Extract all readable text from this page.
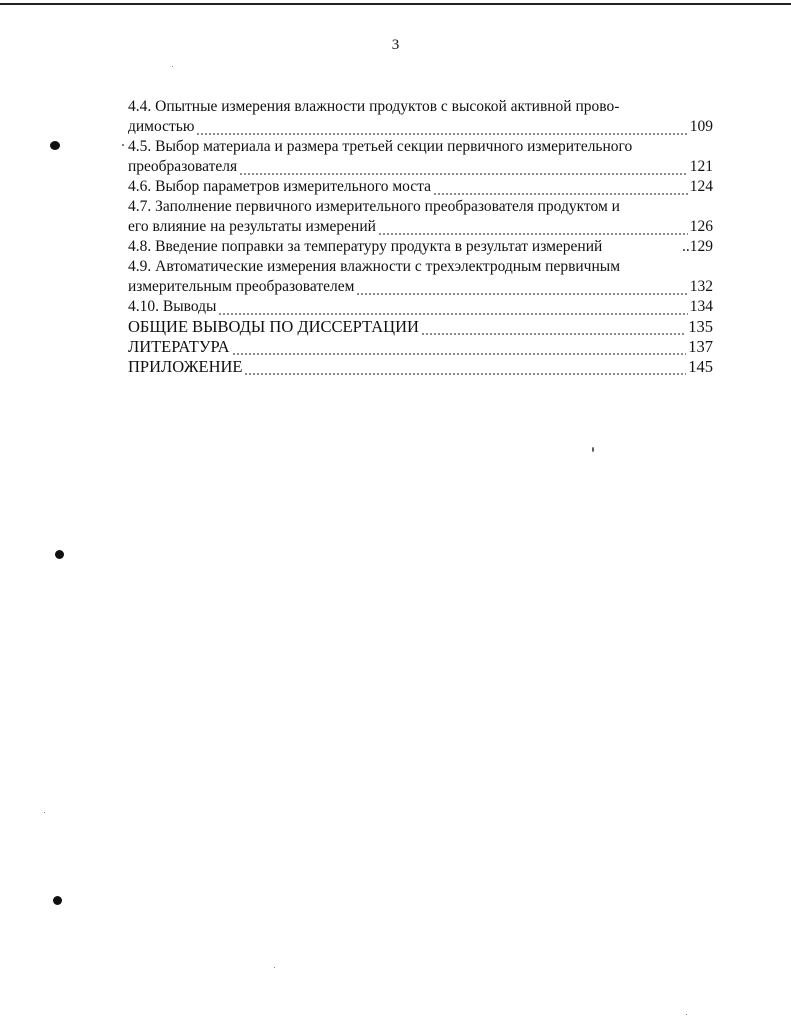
3
4.4. Опытные измерения влажности продуктов с высокой активной прово-
димостью	109
4.5. Выбор материала и размера третьей секции первичного измерительного
преобразователя	121
4.6. Выбор параметров измерительного моста	124
4.7. Заполнение первичного измерительного преобразователя продуктом и
его влияние на результаты измерений	126
4.8. Введение поправки за температуру продукта в результат измерений	..129
4.9. Автоматические измерения влажности с трехэлектродным первичным
измерительным преобразователем	132
4.10. Выводы	134
ОБЩИЕ ВЫВОДЫ ПО ДИССЕРТАЦИИ	135
ЛИТЕРАТУРА	137
ПРИЛОЖЕНИЕ	145
